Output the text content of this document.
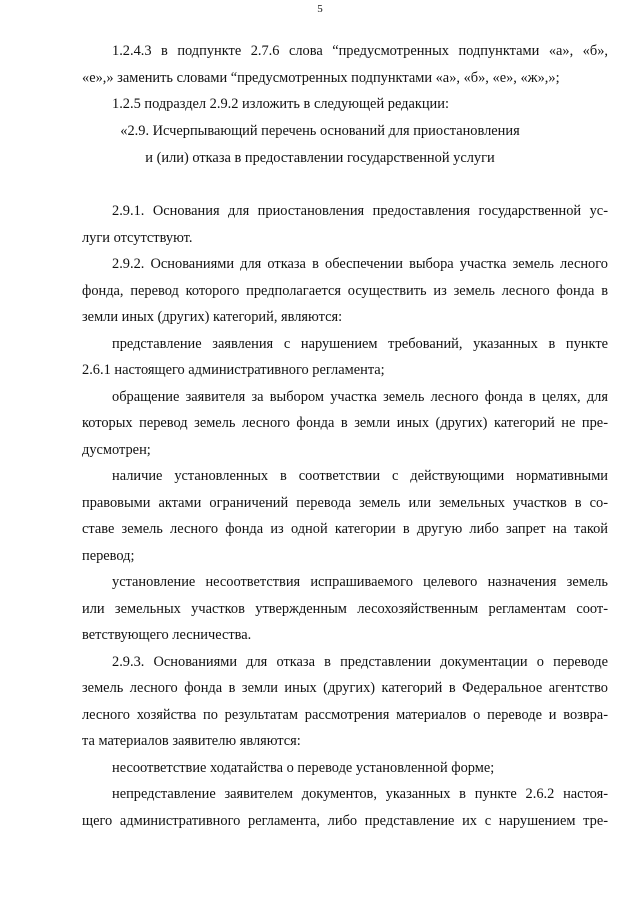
5
1.2.4.3 в подпункте 2.7.6 слова “предусмотренных подпунктами «а», «б»,
«е»,» заменить словами “предусмотренных подпунктами «а», «б», «е», «ж»,»;
1.2.5 подраздел 2.9.2 изложить в следующей редакции:
«2.9. Исчерпывающий перечень оснований для приостановления
и (или) отказа в предоставлении государственной услуги
2.9.1. Основания для приостановления предоставления государственной ус-
луги отсутствуют.
2.9.2. Основаниями для отказа в обеспечении выбора участка земель лесного
фонда, перевод которого предполагается осуществить из земель лесного фонда в
земли иных (других) категорий, являются:
представление заявления с нарушением требований, указанных в пункте
2.6.1 настоящего административного регламента;
обращение заявителя за выбором участка земель лесного фонда в целях, для
которых перевод земель лесного фонда в земли иных (других) категорий не пре-
дусмотрен;
наличие установленных в соответствии с действующими нормативными
правовыми актами ограничений перевода земель или земельных участков в со-
ставе земель лесного фонда из одной категории в другую либо запрет на такой
перевод;
установление несоответствия испрашиваемого целевого назначения земель
или земельных участков утвержденным лесохозяйственным регламентам соот-
ветствующего лесничества.
2.9.3. Основаниями для отказа в представлении документации о переводе
земель лесного фонда в земли иных (других) категорий в Федеральное агентство
лесного хозяйства по результатам рассмотрения материалов о переводе и возвра-
та материалов заявителю являются:
несоответствие ходатайства о переводе установленной форме;
непредставление заявителем документов, указанных в пункте 2.6.2 настоя-
щего административного регламента, либо представление их с нарушением тре-
